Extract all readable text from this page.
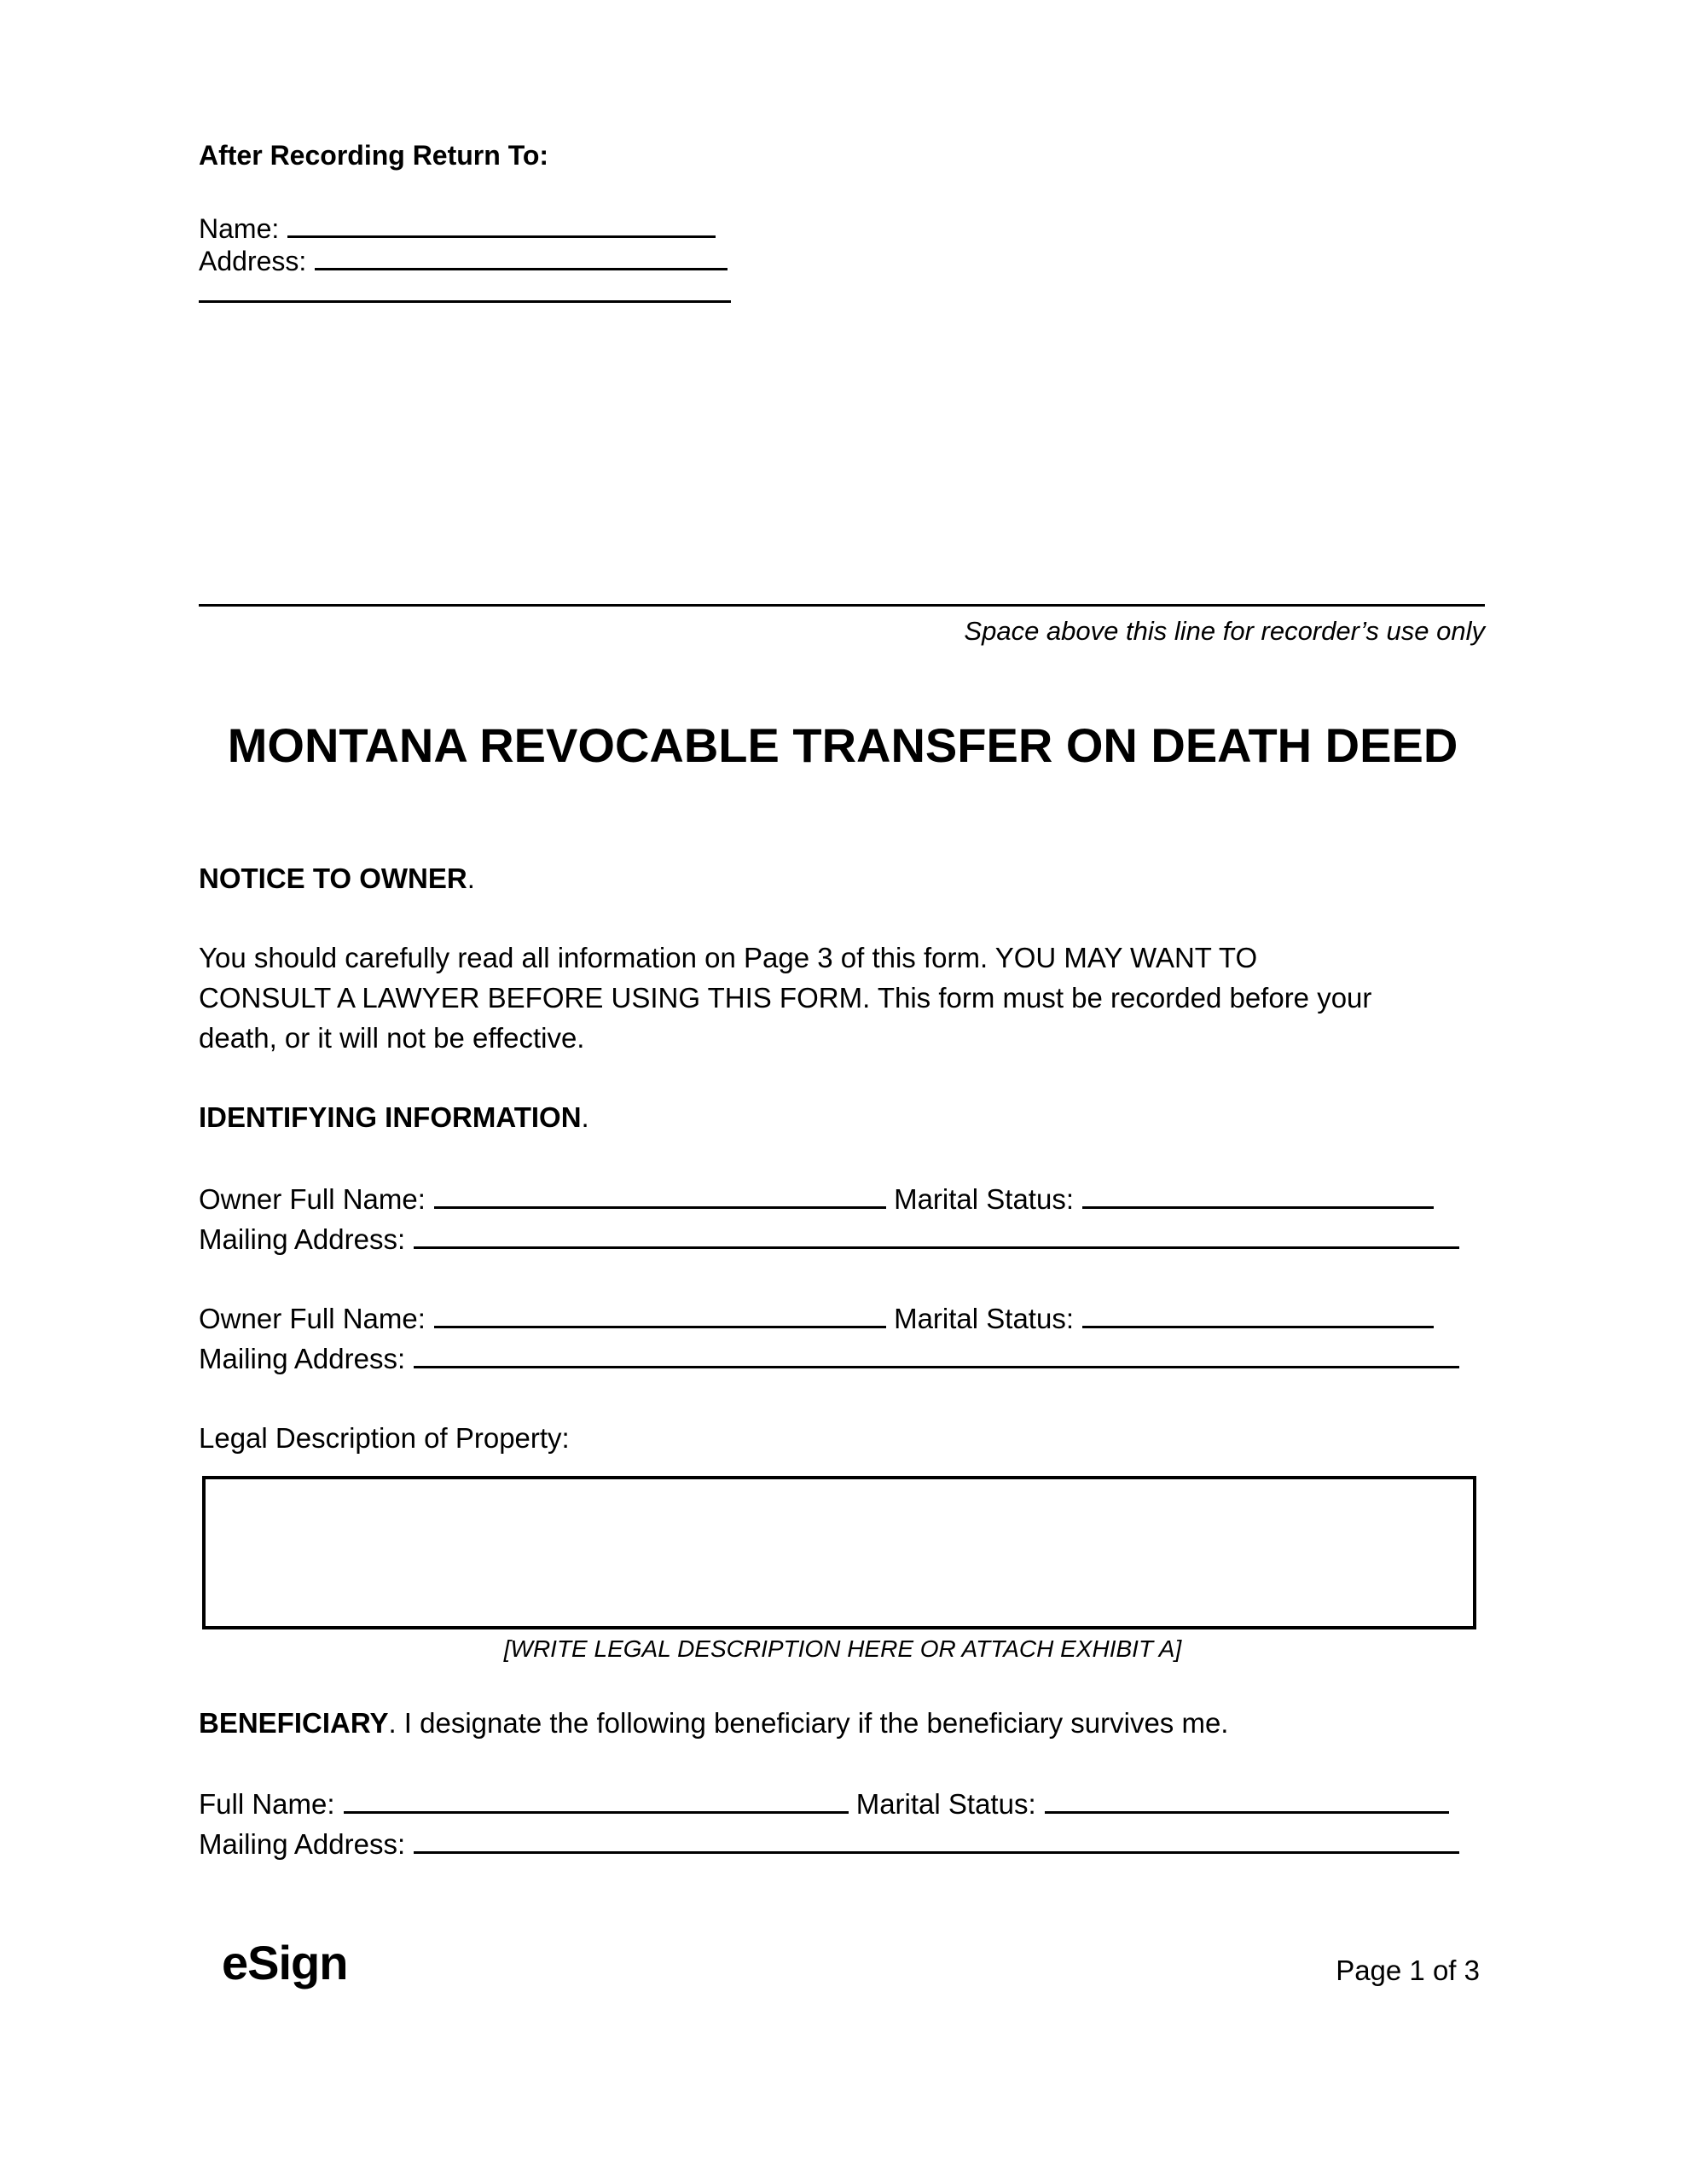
After Recording Return To:
Name:
Address:
Space above this line for recorder’s use only
MONTANA REVOCABLE TRANSFER ON DEATH DEED
NOTICE TO OWNER.
You should carefully read all information on Page 3 of this form. YOU MAY WANT TO
CONSULT A LAWYER BEFORE USING THIS FORM. This form must be recorded before your
death, or it will not be effective.
IDENTIFYING INFORMATION.
Owner Full Name:	Marital Status:
Mailing Address:
Owner Full Name:	Marital Status:
Mailing Address:
Legal Description of Property:
[WRITE LEGAL DESCRIPTION HERE OR ATTACH EXHIBIT A]
BENEFICIARY. I designate the following beneficiary if the beneficiary survives me.
Full Name:	Marital Status:
Mailing Address:
eSign	Page 1 of 3
